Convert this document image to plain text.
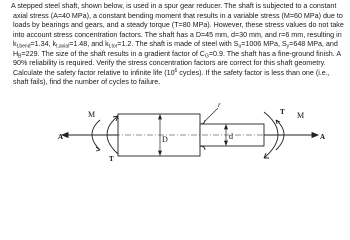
A stepped steel shaft, shown below, is used in a spur gear reducer. The shaft is subjected to a constant axial stress (A=40 MPa), a constant bending moment that results in a variable stress (M=60 MPa) due to loads by bearings and gears, and a steady torque (T=80 MPa). However, these stress values do not take into account stress concentration factors. The shaft has a D=45 mm, d=30 mm, and r=6 mm, resulting in $k_{t,bend}=1.34$, $k_{t,axial}=1.48$, and $k_{t,tor}=1.2$. The shaft is made of steel with $S_u=1006$ MPa, $S_y=648$ MPa, and $H_B=229$. The size of the shaft results in a gradient factor of $C_G=0.9$. The shaft has a fine-ground finish. A 90% reliability is required. Verify the stress concentration factors are correct for this shaft geometry. Calculate the safety factor relative to infinite life ($10^6$ cycles). If the safety factor is less than one (i.e., shaft fails), find the number of cycles to failure.

D	d
r
M
A
T
T M
A
